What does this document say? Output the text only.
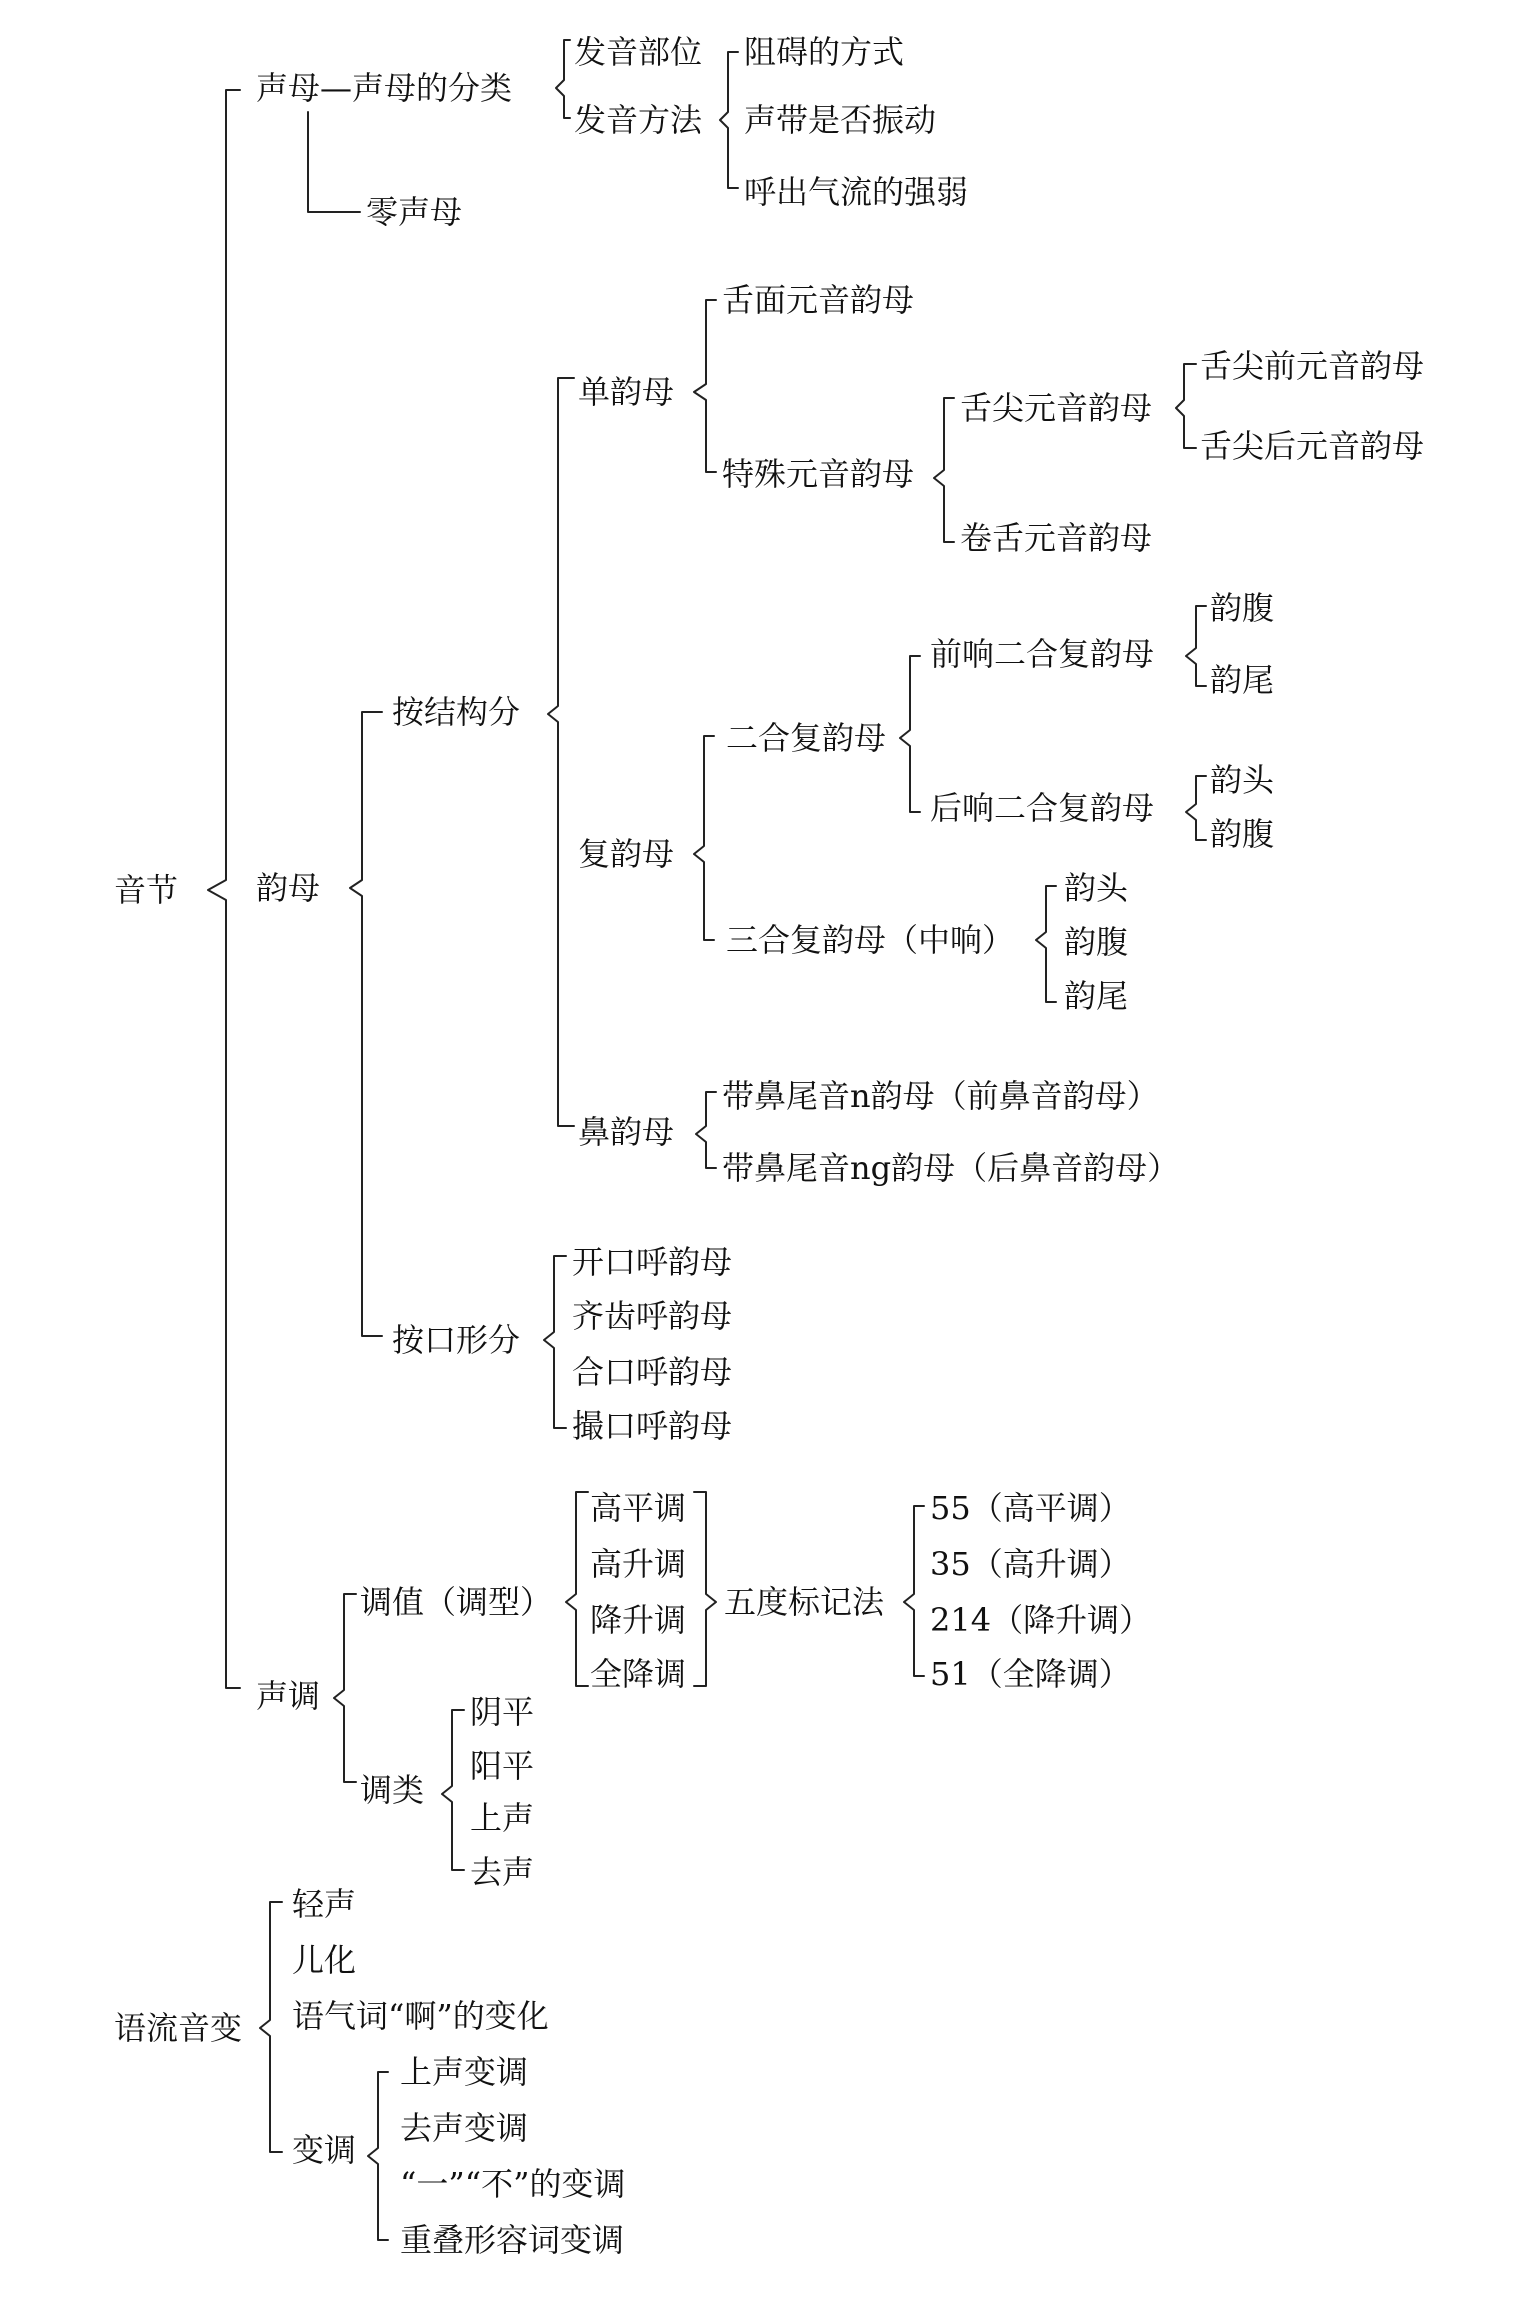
音节
声母—声母的分类
发音部位
发音方法
阻碍的方式
声带是否振动
呼出气流的强弱
零声母
韵母
按结构分
单韵母
舌面元音韵母
特殊元音韵母
舌尖元音韵母
舌尖前元音韵母
舌尖后元音韵母
卷舌元音韵母
复韵母
二合复韵母
前响二合复韵母
韵腹
韵尾
后响二合复韵母
韵头
韵腹
三合复韵母（中响）
韵头
韵腹
韵尾
鼻韵母
带鼻尾音n韵母（前鼻音韵母）
带鼻尾音ng韵母（后鼻音韵母）
按口形分
开口呼韵母
齐齿呼韵母
合口呼韵母
撮口呼韵母
声调
调值（调型）
高平调
高升调
降升调
全降调
五度标记法
55（高平调）
35（高升调）
214（降升调）
51（全降调）
调类
阴平
阳平
上声
去声
语流音变
轻声
儿化
语气词“啊”的变化
变调
上声变调
去声变调
“一”“不”的变调
重叠形容词变调
